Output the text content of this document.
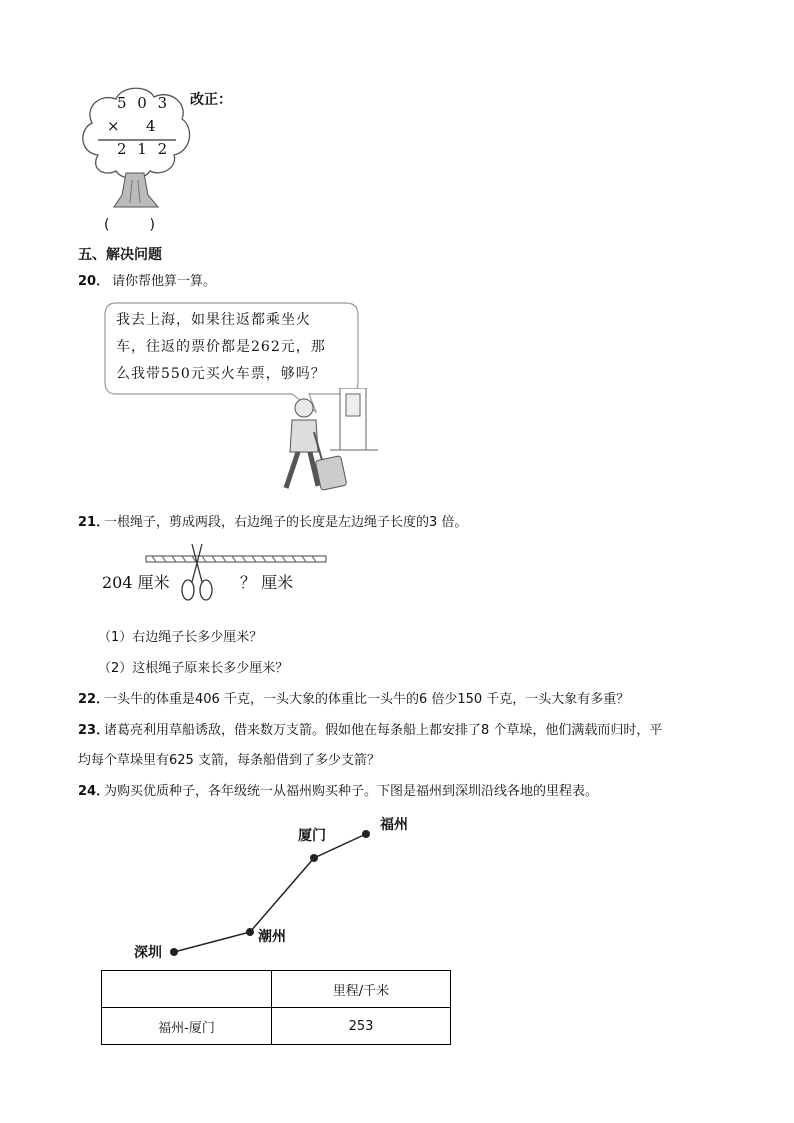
5 0 3
×   4
2 1 2
改正：
(         )
五、解决问题
20． 请你帮他算一算。
我去上海，如果往返都乘坐火
车，往返的票价都是262元，那
么我带550元买火车票，够吗？
21．
一根绳子，剪成两段，右边绳子的长度是左边绳子长度的3 倍。
204 厘米	？ 厘米
（1）右边绳子长多少厘米？
（2）这根绳子原来长多少厘米？
22．
一头牛的体重是406 千克，一头大象的体重比一头牛的6 倍少150 千克，一头大象有多重？
23．
诸葛亮利用草船诱敌，借来数万支箭。假如他在每条船上都安排了8 个草垛，他们满载而归时，平
均每个草垛里有625 支箭，每条船借到了多少支箭？
24．
为购买优质种子，各年级统一从福州购买种子。下图是福州到深圳沿线各地的里程表。
福州
厦门
潮州
深圳
	里程/千米
福州-厦门	253
